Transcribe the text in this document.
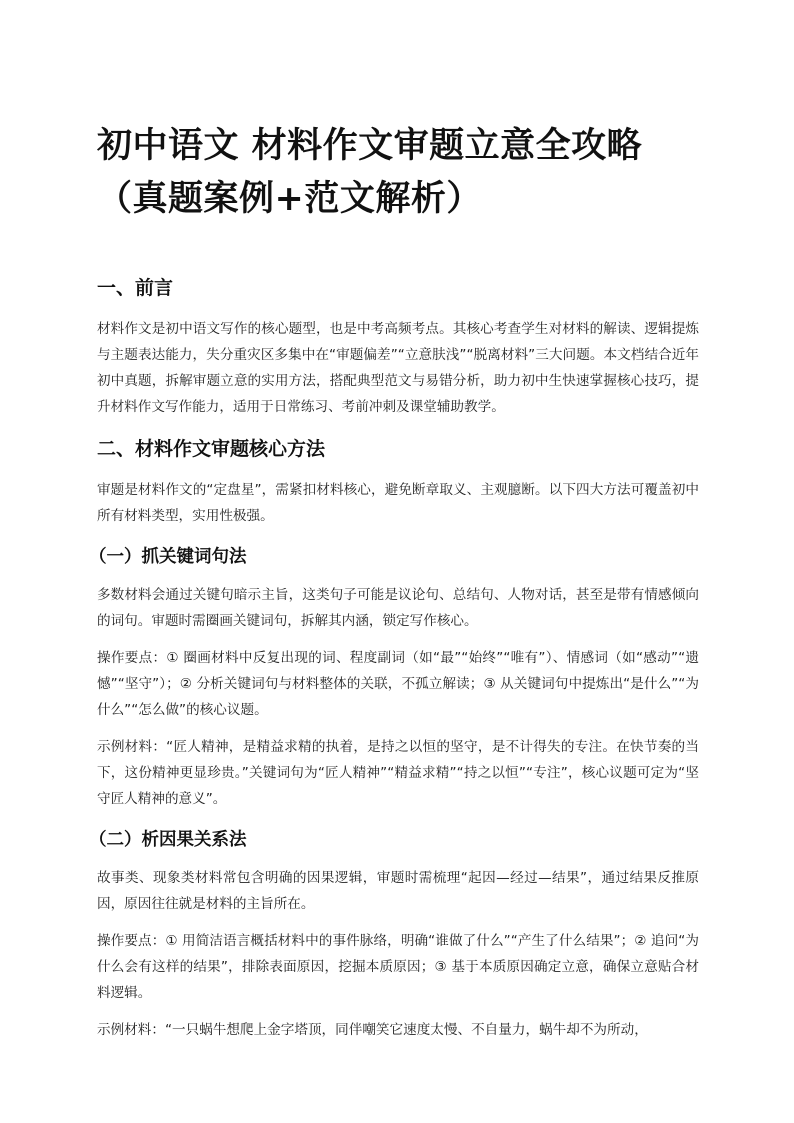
初中语文 材料作文审题立意全攻略（真题案例+范文解析）
一、前言
材料作文是初中语文写作的核心题型，也是中考高频考点。其核心考查学生对材料的解读、逻辑提炼与主题表达能力，失分重灾区多集中在“审题偏差”“立意肤浅”“脱离材料”三大问题。本文档结合近年初中真题，拆解审题立意的实用方法，搭配典型范文与易错分析，助力初中生快速掌握核心技巧，提升材料作文写作能力，适用于日常练习、考前冲刺及课堂辅助教学。
二、材料作文审题核心方法
审题是材料作文的“定盘星”，需紧扣材料核心，避免断章取义、主观臆断。以下四大方法可覆盖初中所有材料类型，实用性极强。
（一）抓关键词句法
多数材料会通过关键句暗示主旨，这类句子可能是议论句、总结句、人物对话，甚至是带有情感倾向的词句。审题时需圈画关键词句，拆解其内涵，锁定写作核心。
操作要点：① 圈画材料中反复出现的词、程度副词（如“最”“始终”“唯有”）、情感词（如“感动”“遗憾”“坚守”）；② 分析关键词句与材料整体的关联，不孤立解读；③ 从关键词句中提炼出“是什么”“为什么”“怎么做”的核心议题。
示例材料：“匠人精神，是精益求精的执着，是持之以恒的坚守，是不计得失的专注。在快节奏的当下，这份精神更显珍贵。”关键词句为“匠人精神”“精益求精”“持之以恒”“专注”，核心议题可定为“坚守匠人精神的意义”。
（二）析因果关系法
故事类、现象类材料常包含明确的因果逻辑，审题时需梳理“起因—经过—结果”，通过结果反推原因，原因往往就是材料的主旨所在。
操作要点：① 用简洁语言概括材料中的事件脉络，明确“谁做了什么”“产生了什么结果”；② 追问“为什么会有这样的结果”，排除表面原因，挖掘本质原因；③ 基于本质原因确定立意，确保立意贴合材料逻辑。
示例材料：“一只蜗牛想爬上金字塔顶，同伴嘲笑它速度太慢、不自量力，蜗牛却不为所动，
